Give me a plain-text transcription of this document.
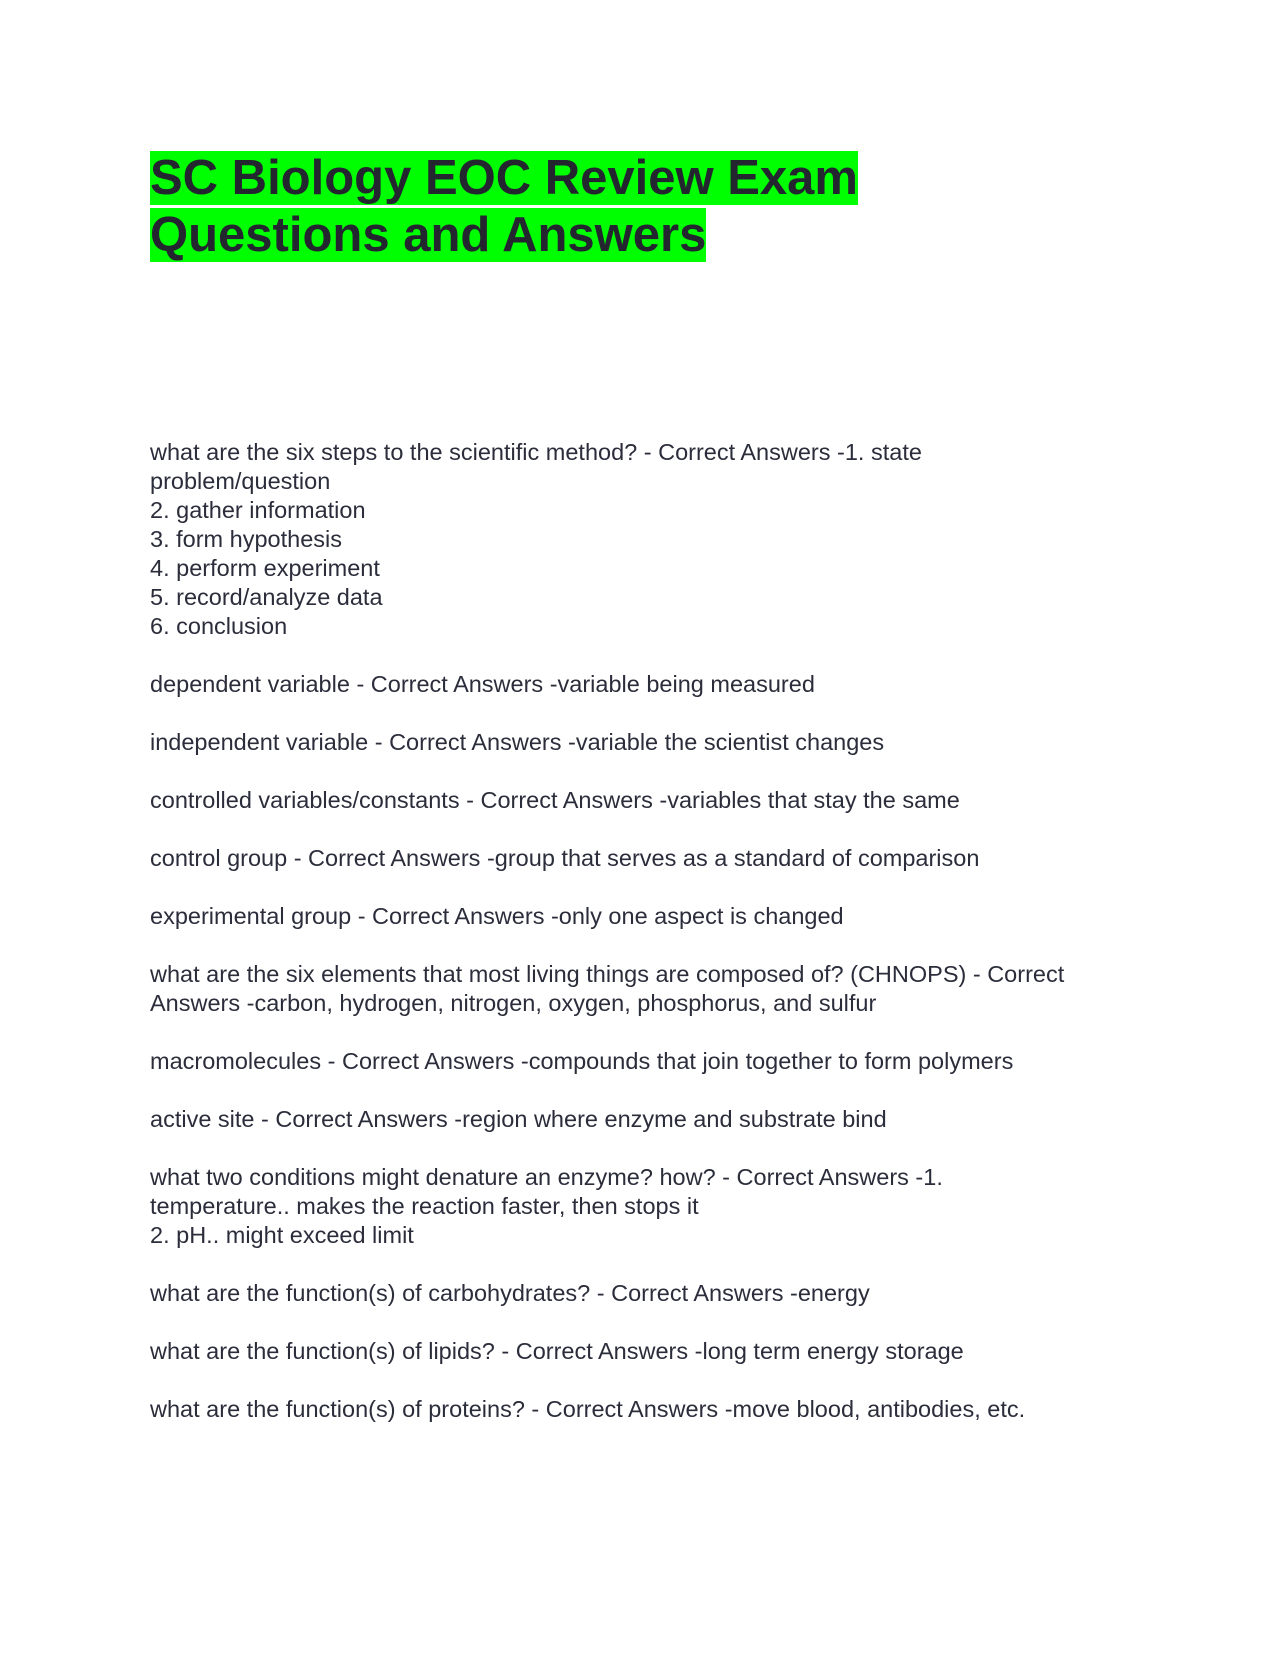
SC Biology EOC Review Exam
Questions and Answers

what are the six steps to the scientific method? - Correct Answers -1. state
problem/question
2. gather information
3. form hypothesis
4. perform experiment
5. record/analyze data
6. conclusion

dependent variable - Correct Answers -variable being measured

independent variable - Correct Answers -variable the scientist changes

controlled variables/constants - Correct Answers -variables that stay the same

control group - Correct Answers -group that serves as a standard of comparison

experimental group - Correct Answers -only one aspect is changed

what are the six elements that most living things are composed of? (CHNOPS) - Correct
Answers -carbon, hydrogen, nitrogen, oxygen, phosphorus, and sulfur

macromolecules - Correct Answers -compounds that join together to form polymers

active site - Correct Answers -region where enzyme and substrate bind

what two conditions might denature an enzyme? how? - Correct Answers -1.
temperature.. makes the reaction faster, then stops it
2. pH.. might exceed limit

what are the function(s) of carbohydrates? - Correct Answers -energy

what are the function(s) of lipids? - Correct Answers -long term energy storage

what are the function(s) of proteins? - Correct Answers -move blood, antibodies, etc.
